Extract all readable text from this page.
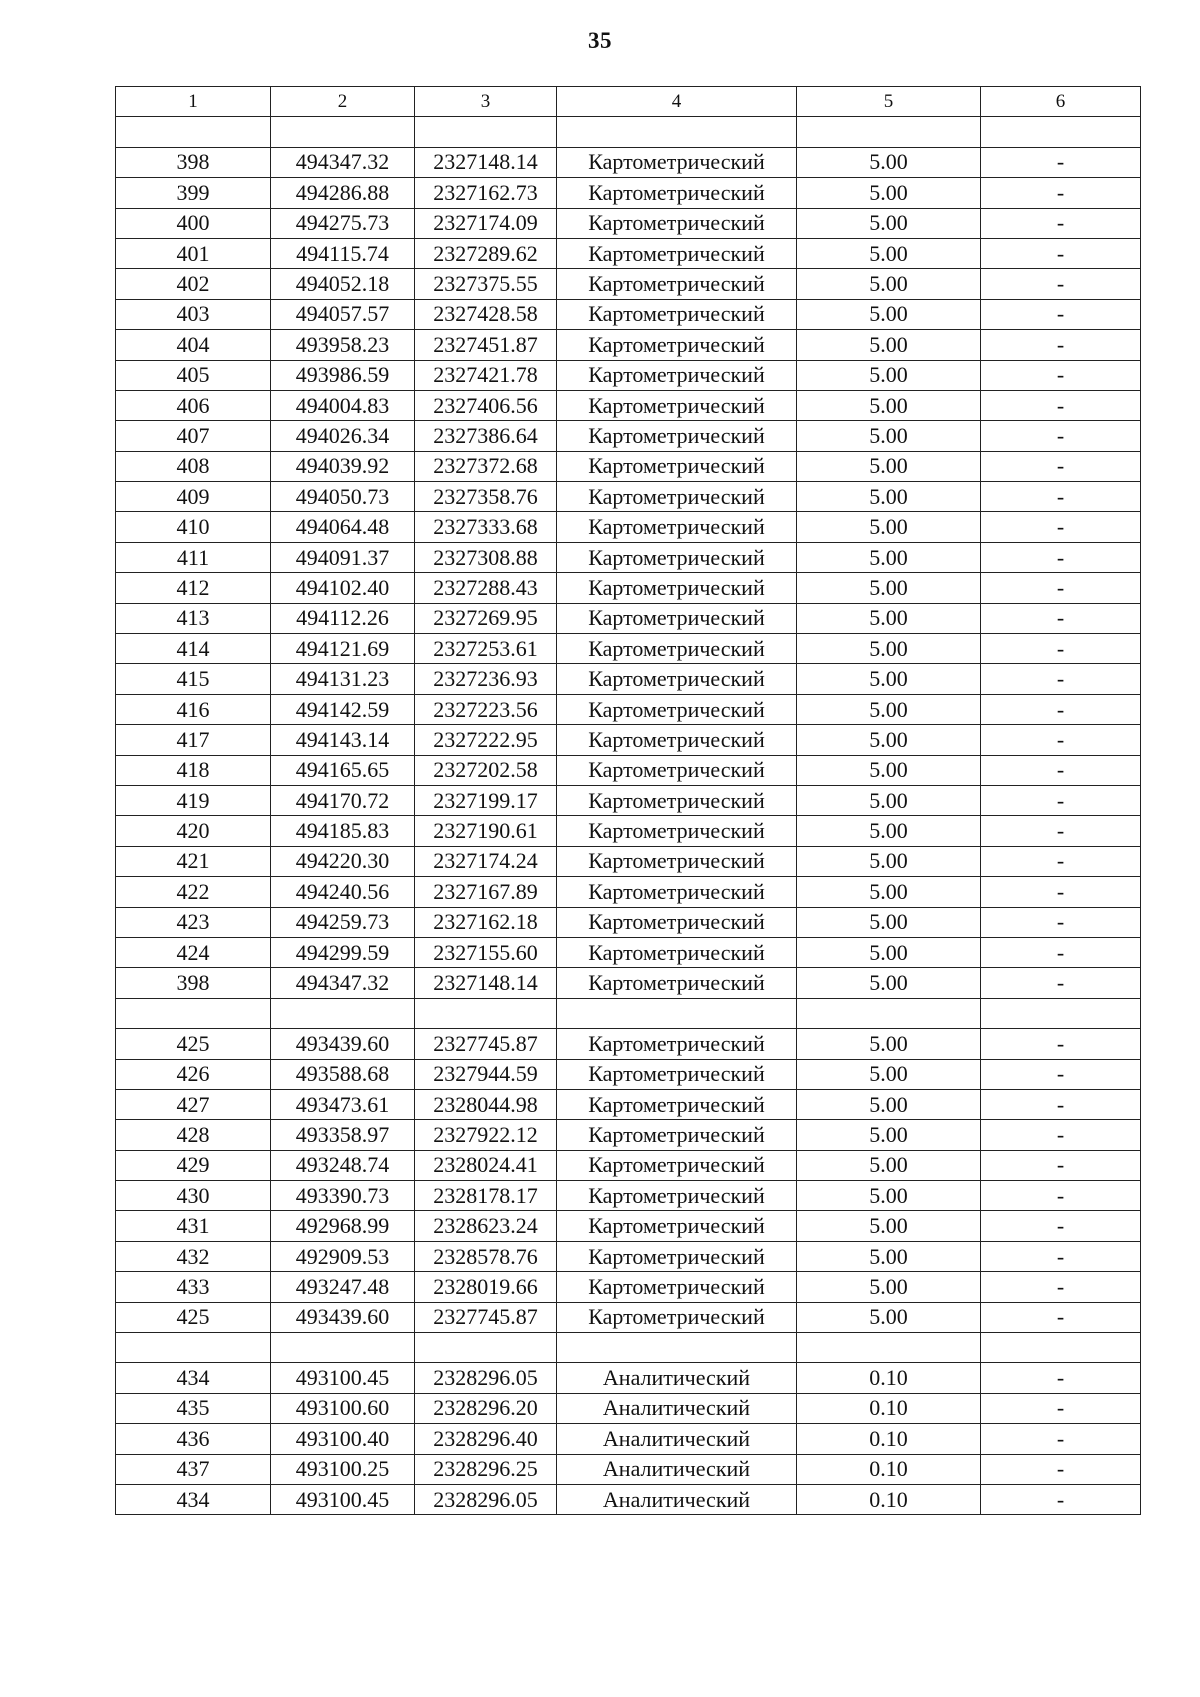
35
1	2	3	4	5	6

398	494347.32	2327148.14	Картометрический	5.00	-
399	494286.88	2327162.73	Картометрический	5.00	-
400	494275.73	2327174.09	Картометрический	5.00	-
401	494115.74	2327289.62	Картометрический	5.00	-
402	494052.18	2327375.55	Картометрический	5.00	-
403	494057.57	2327428.58	Картометрический	5.00	-
404	493958.23	2327451.87	Картометрический	5.00	-
405	493986.59	2327421.78	Картометрический	5.00	-
406	494004.83	2327406.56	Картометрический	5.00	-
407	494026.34	2327386.64	Картометрический	5.00	-
408	494039.92	2327372.68	Картометрический	5.00	-
409	494050.73	2327358.76	Картометрический	5.00	-
410	494064.48	2327333.68	Картометрический	5.00	-
411	494091.37	2327308.88	Картометрический	5.00	-
412	494102.40	2327288.43	Картометрический	5.00	-
413	494112.26	2327269.95	Картометрический	5.00	-
414	494121.69	2327253.61	Картометрический	5.00	-
415	494131.23	2327236.93	Картометрический	5.00	-
416	494142.59	2327223.56	Картометрический	5.00	-
417	494143.14	2327222.95	Картометрический	5.00	-
418	494165.65	2327202.58	Картометрический	5.00	-
419	494170.72	2327199.17	Картометрический	5.00	-
420	494185.83	2327190.61	Картометрический	5.00	-
421	494220.30	2327174.24	Картометрический	5.00	-
422	494240.56	2327167.89	Картометрический	5.00	-
423	494259.73	2327162.18	Картометрический	5.00	-
424	494299.59	2327155.60	Картометрический	5.00	-
398	494347.32	2327148.14	Картометрический	5.00	-

425	493439.60	2327745.87	Картометрический	5.00	-
426	493588.68	2327944.59	Картометрический	5.00	-
427	493473.61	2328044.98	Картометрический	5.00	-
428	493358.97	2327922.12	Картометрический	5.00	-
429	493248.74	2328024.41	Картометрический	5.00	-
430	493390.73	2328178.17	Картометрический	5.00	-
431	492968.99	2328623.24	Картометрический	5.00	-
432	492909.53	2328578.76	Картометрический	5.00	-
433	493247.48	2328019.66	Картометрический	5.00	-
425	493439.60	2327745.87	Картометрический	5.00	-

434	493100.45	2328296.05	Аналитический	0.10	-
435	493100.60	2328296.20	Аналитический	0.10	-
436	493100.40	2328296.40	Аналитический	0.10	-
437	493100.25	2328296.25	Аналитический	0.10	-
434	493100.45	2328296.05	Аналитический	0.10	-
